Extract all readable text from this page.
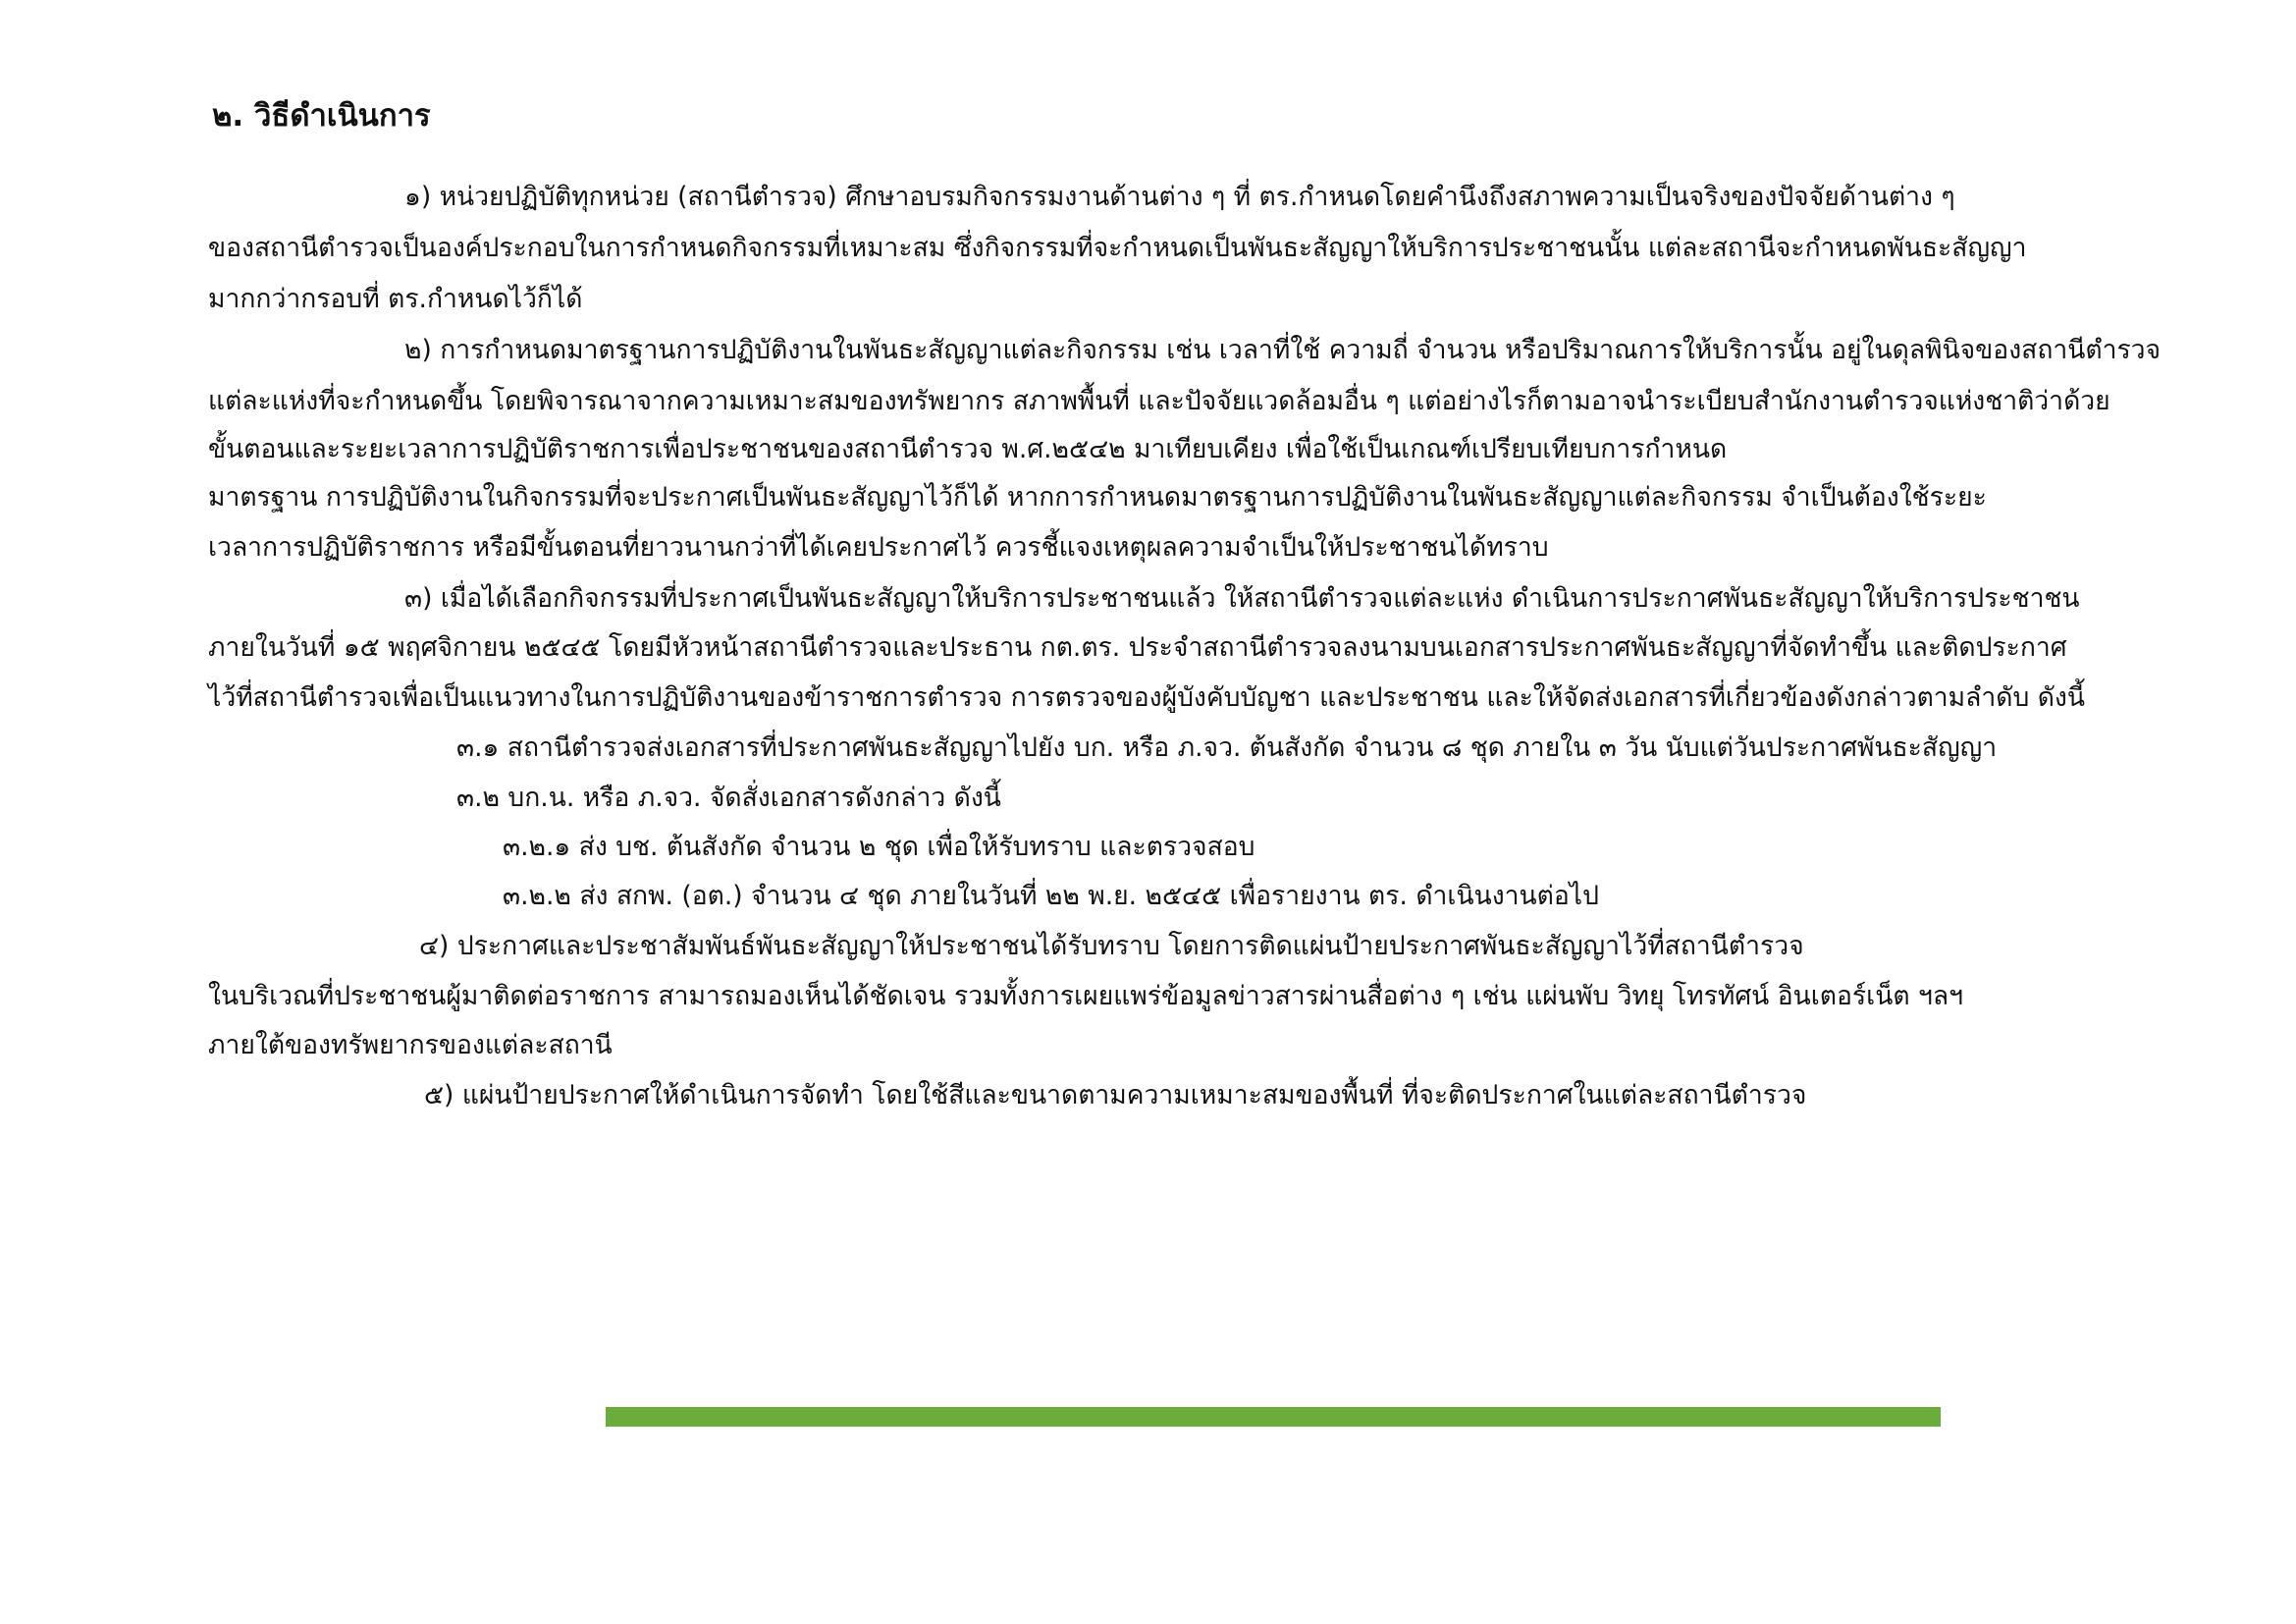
๒. วิธีดำเนินการ
๑) หน่วยปฏิบัติทุกหน่วย (สถานีตำรวจ) ศึกษาอบรมกิจกรรมงานด้านต่าง ๆ ที่ ตร.กำหนดโดยคำนึงถึงสภาพความเป็นจริงของปัจจัยด้านต่าง ๆ
ของสถานีตำรวจเป็นองค์ประกอบในการกำหนดกิจกรรมที่เหมาะสม ซึ่งกิจกรรมที่จะกำหนดเป็นพันธะสัญญาให้บริการประชาชนนั้น แต่ละสถานีจะกำหนดพันธะสัญญา
มากกว่ากรอบที่ ตร.กำหนดไว้ก็ได้
๒) การกำหนดมาตรฐานการปฏิบัติงานในพันธะสัญญาแต่ละกิจกรรม เช่น เวลาที่ใช้ ความถี่ จำนวน หรือปริมาณการให้บริการนั้น อยู่ในดุลพินิจของสถานีตำรวจ
แต่ละแห่งที่จะกำหนดขึ้น โดยพิจารณาจากความเหมาะสมของทรัพยากร สภาพพื้นที่ และปัจจัยแวดล้อมอื่น ๆ แต่อย่างไรก็ตามอาจนำระเบียบสำนักงานตำรวจแห่งชาติว่าด้วย
ขั้นตอนและระยะเวลาการปฏิบัติราชการเพื่อประชาชนของสถานีตำรวจ พ.ศ.๒๕๔๒ มาเทียบเคียง เพื่อใช้เป็นเกณฑ์เปรียบเทียบการกำหนด
มาตรฐาน การปฏิบัติงานในกิจกรรมที่จะประกาศเป็นพันธะสัญญาไว้ก็ได้ หากการกำหนดมาตรฐานการปฏิบัติงานในพันธะสัญญาแต่ละกิจกรรม จำเป็นต้องใช้ระยะ
เวลาการปฏิบัติราชการ หรือมีขั้นตอนที่ยาวนานกว่าที่ได้เคยประกาศไว้ ควรชี้แจงเหตุผลความจำเป็นให้ประชาชนได้ทราบ
๓) เมื่อได้เลือกกิจกรรมที่ประกาศเป็นพันธะสัญญาให้บริการประชาชนแล้ว ให้สถานีตำรวจแต่ละแห่ง ดำเนินการประกาศพันธะสัญญาให้บริการประชาชน
ภายในวันที่ ๑๕ พฤศจิกายน ๒๕๔๕ โดยมีหัวหน้าสถานีตำรวจและประธาน กต.ตร. ประจำสถานีตำรวจลงนามบนเอกสารประกาศพันธะสัญญาที่จัดทำขึ้น และติดประกาศ
ไว้ที่สถานีตำรวจเพื่อเป็นแนวทางในการปฏิบัติงานของข้าราชการตำรวจ การตรวจของผู้บังคับบัญชา และประชาชน และให้จัดส่งเอกสารที่เกี่ยวข้องดังกล่าวตามลำดับ ดังนี้
๓.๑ สถานีตำรวจส่งเอกสารที่ประกาศพันธะสัญญาไปยัง บก. หรือ ภ.จว. ต้นสังกัด จำนวน ๘ ชุด ภายใน ๓ วัน นับแต่วันประกาศพันธะสัญญา
๓.๒ บก.น. หรือ ภ.จว. จัดสั่งเอกสารดังกล่าว ดังนี้
๓.๒.๑ ส่ง บช. ต้นสังกัด จำนวน ๒ ชุด เพื่อให้รับทราบ และตรวจสอบ
๓.๒.๒ ส่ง สกพ. (อต.) จำนวน ๔ ชุด ภายในวันที่ ๒๒ พ.ย. ๒๕๔๕ เพื่อรายงาน ตร. ดำเนินงานต่อไป
๔) ประกาศและประชาสัมพันธ์พันธะสัญญาให้ประชาชนได้รับทราบ โดยการติดแผ่นป้ายประกาศพันธะสัญญาไว้ที่สถานีตำรวจ
ในบริเวณที่ประชาชนผู้มาติดต่อราชการ สามารถมองเห็นได้ชัดเจน รวมทั้งการเผยแพร่ข้อมูลข่าวสารผ่านสื่อต่าง ๆ เช่น แผ่นพับ วิทยุ โทรทัศน์ อินเตอร์เน็ต ฯลฯ
ภายใต้ของทรัพยากรของแต่ละสถานี
๕) แผ่นป้ายประกาศให้ดำเนินการจัดทำ โดยใช้สีและขนาดตามความเหมาะสมของพื้นที่ ที่จะติดประกาศในแต่ละสถานีตำรวจ
